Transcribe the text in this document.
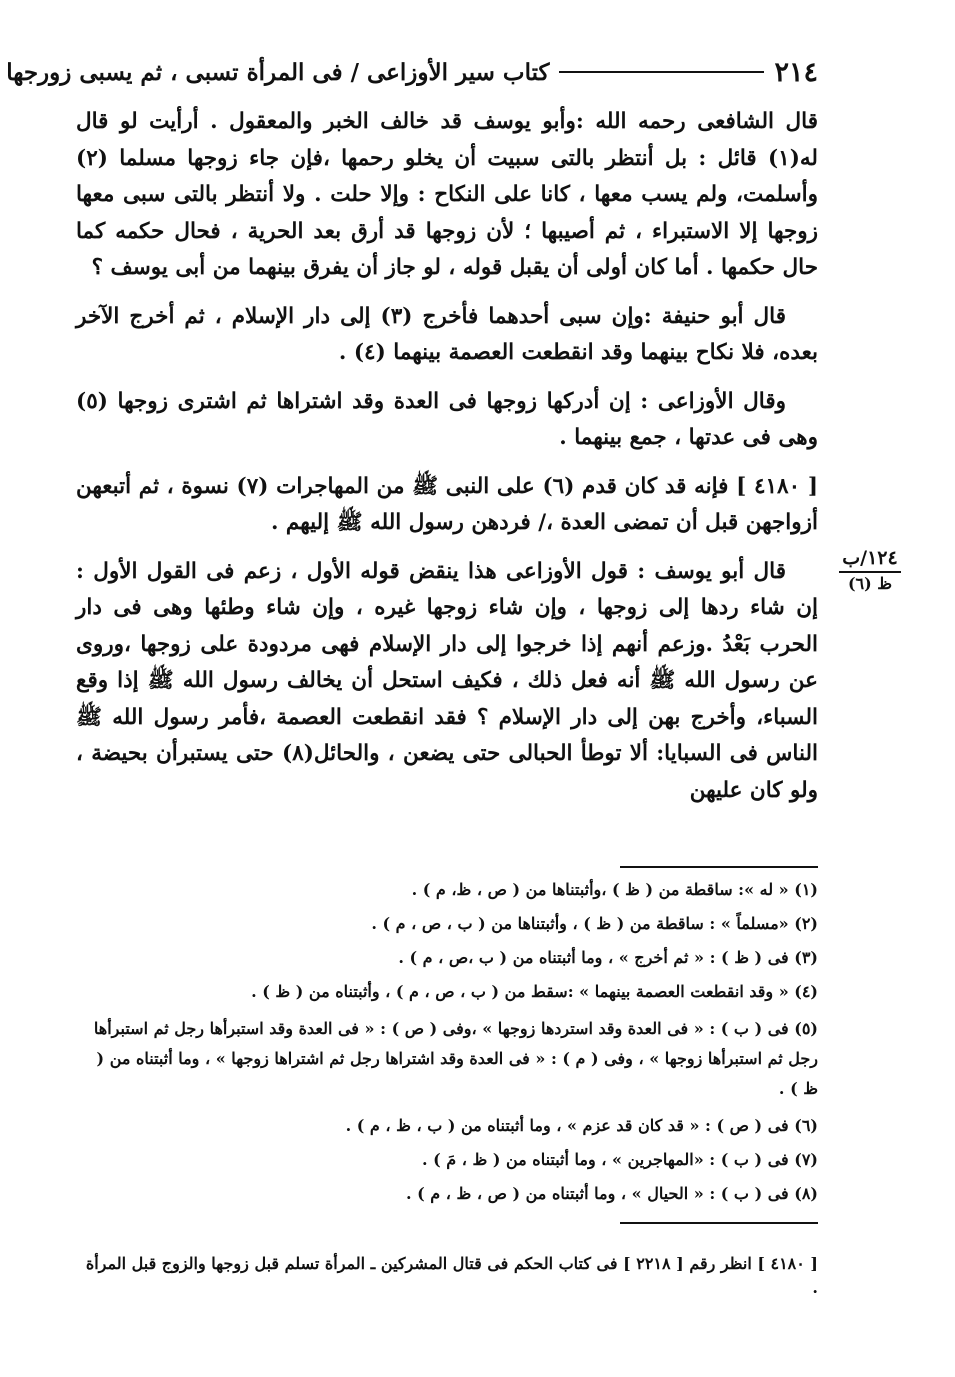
٢١٤
كتاب سير الأوزاعى / فى المرأة تسبى ، ثم يسبى زورجها

قال الشافعى رحمه الله :وأبو يوسف قد خالف الخبر والمعقول . أرأيت لو قال له(١) قائل : بل أنتظر بالتى سبيت أن يخلو رحمها ،فإن جاء زوجها مسلما (٢) وأسلمت، ولم يسب معها ، كانا على النكاح : وإلا حلت . ولا أنتظر بالتى سبى معها زوجها إلا الاستبراء ، ثم أصيبها ؛ لأن زوجها قد أرق بعد الحرية ، فحال حكمه كما حال حكمها . أما كان أولى أن يقبل قوله ، لو جاز أن يفرق بينهما من أبى يوسف ؟

قال أبو حنيفة :وإن سبى أحدهما فأخرج (٣) إلى دار الإسلام ، ثم أخرج الآخر بعده، فلا نكاح بينهما وقد انقطعت العصمة بينهما (٤) .

وقال الأوزاعى : إن أدركها زوجها فى العدة وقد اشتراها ثم اشترى زوجها (٥) وهى فى عدتها ، جمع بينهما .

[ ٤١٨٠ ] فإنه قد كان قدم (٦) على النبى ﷺ من المهاجرات (٧) نسوة ، ثم أتبعهن أزواجهن قبل أن تمضى العدة ،/ فردهن رسول الله ﷺ إليهم .

قال أبو يوسف : قول الأوزاعى هذا ينقض قوله الأول ، زعم فى القول الأول : إن شاء ردها إلى زوجها ، وإن شاء زوجها غيره ، وإن شاء وطئها وهى فى دار الحرب بَعْدُ .وزعم أنهم إذا خرجوا إلى دار الإسلام فهى مردودة على زوجها ،وروى عن رسول الله ﷺ أنه فعل ذلك ، فكيف استحل أن يخالف رسول الله ﷺ إذا وقع السباء، وأخرج بهن إلى دار الإسلام ؟ فقد انقطعت العصمة ،فأمر رسول الله ﷺ الناس فى السبايا: ألا توطأ الحبالى حتى يضعن ، والحائل(٨) حتى يستبرأن بحيضة ، ولو كان عليهن

١٢٤/ب
ظ (٦)

(١) « له »: ساقطة من ( ظ ) ،وأثبتناها من ( ص ، ظ، م ) .

(٢) «مسلماً » : ساقطة من ( ظ ) ، وأثبتناها من ( ب ، ص ، م ) .

(٣) فى ( ظ ) : « ثم أخرج » ، وما أثبتناه من ( ب ،ص ، م ) .

(٤) « وقد انقطعت العصمة بينهما » :سقط من ( ب ، ص ، م ) ، وأثبتناه من ( ظ ) .

(٥) فى ( ب ) : « فى العدة وقد استردها زوجها » ،وفى ( ص ) : « فى العدة وقد استبرأها رجل ثم استبرأها رجل ثم استبرأها زوجها » ، وفى ( م ) : « فى العدة وقد اشتراها رجل ثم اشتراها زوجها » ، وما أثبتناه من ( ظ ) .

(٦) فى ( ص ) : « قد كان قد عزم » ، وما أثبتناه من ( ب ، ظ ، م ) .

(٧) فى ( ب ) : «المهاجرين » ، وما أثبتناه من ( ظ ، مَ ) .

(٨) فى ( ب ) : « الحيال » ، وما أثبتناه من ( ص ، ظ ، م ) .

[ ٤١٨٠ ] انظر رقم [ ٢٢١٨ ] فى كتاب الحكم فى قتال المشركين ـ المرأة تسلم قبل زوجها والزوج قبل المرأة .
